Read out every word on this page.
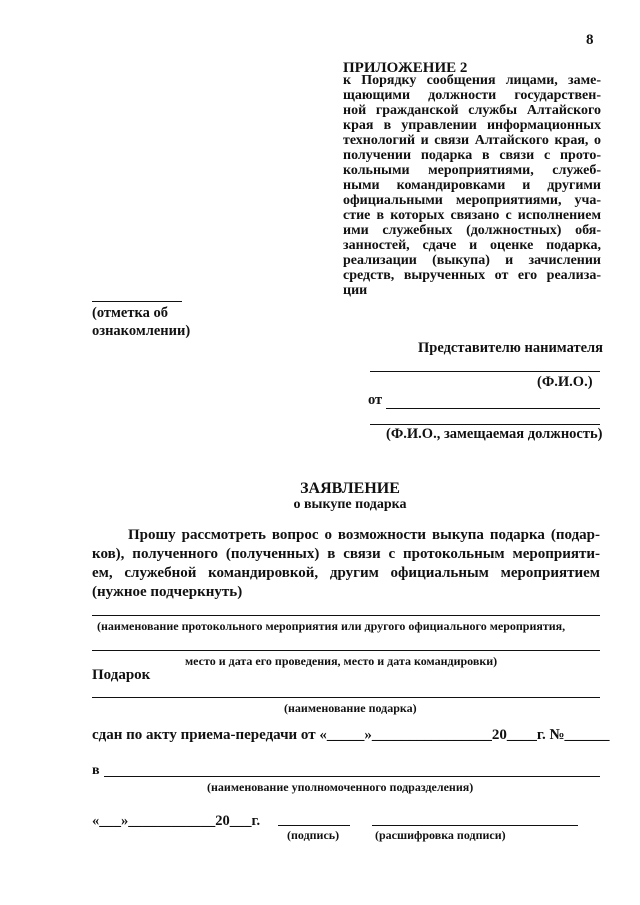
8
ПРИЛОЖЕНИЕ 2
к Порядку сообщения лицами, заме-
щающими должности государствен-
ной гражданской службы Алтайского
края в управлении информационных
технологий и связи Алтайского края, о
получении подарка в связи с прото-
кольными мероприятиями, служеб-
ными командировками и другими
официальными мероприятиями, уча-
стие в которых связано с исполнением
ими служебных (должностных) обя-
занностей, сдаче и оценке подарка,
реализации (выкупа) и зачислении
средств, вырученных от его реализа-
ции
(отметка об
ознакомлении)
Представителю нанимателя
(Ф.И.О.)
от
(Ф.И.О., замещаемая должность)
ЗАЯВЛЕНИЕ
о выкупе подарка
Прошу рассмотреть вопрос о возможности выкупа подарка (подар-
ков), полученного (полученных) в связи с протокольным мероприяти-
ем, служебной командировкой, другим официальным мероприятием
(нужное подчеркнуть)
(наименование протокольного мероприятия или другого официального мероприятия,
место и дата его проведения, место и дата командировки)
Подарок
(наименование подарка)
сдан по акту приема-передачи от «_____»________________20____г. №______
в
(наименование уполномоченного подразделения)
«___»____________20___г.
(подпись)	(расшифровка подписи)
